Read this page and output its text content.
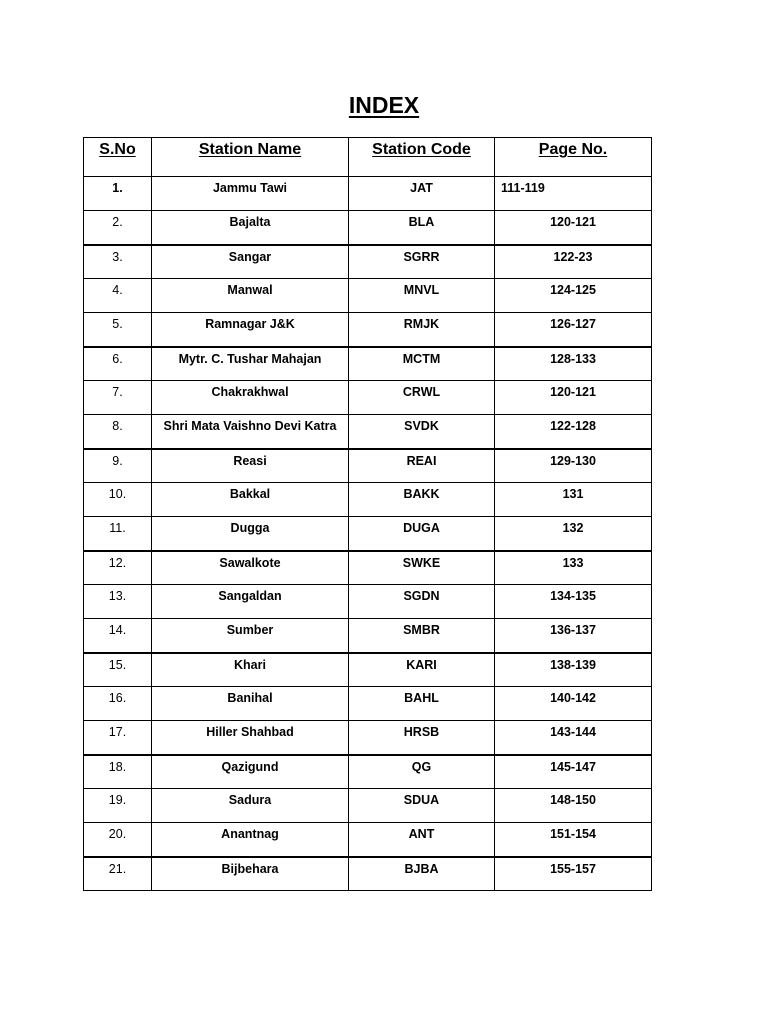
INDEX
S.No	Station Name	Station Code	Page No.
1.	Jammu Tawi	JAT	111-119
2.	Bajalta	BLA	120-121
3.	Sangar	SGRR	122-23
4.	Manwal	MNVL	124-125
5.	Ramnagar J&K	RMJK	126-127
6.	Mytr. C. Tushar Mahajan	MCTM	128-133
7.	Chakrakhwal	CRWL	120-121
8.	Shri Mata Vaishno Devi Katra	SVDK	122-128
9.	Reasi	REAI	129-130
10.	Bakkal	BAKK	131
11.	Dugga	DUGA	132
12.	Sawalkote	SWKE	133
13.	Sangaldan	SGDN	134-135
14.	Sumber	SMBR	136-137
15.	Khari	KARI	138-139
16.	Banihal	BAHL	140-142
17.	Hiller Shahbad	HRSB	143-144
18.	Qazigund	QG	145-147
19.	Sadura	SDUA	148-150
20.	Anantnag	ANT	151-154
21.	Bijbehara	BJBA	155-157
